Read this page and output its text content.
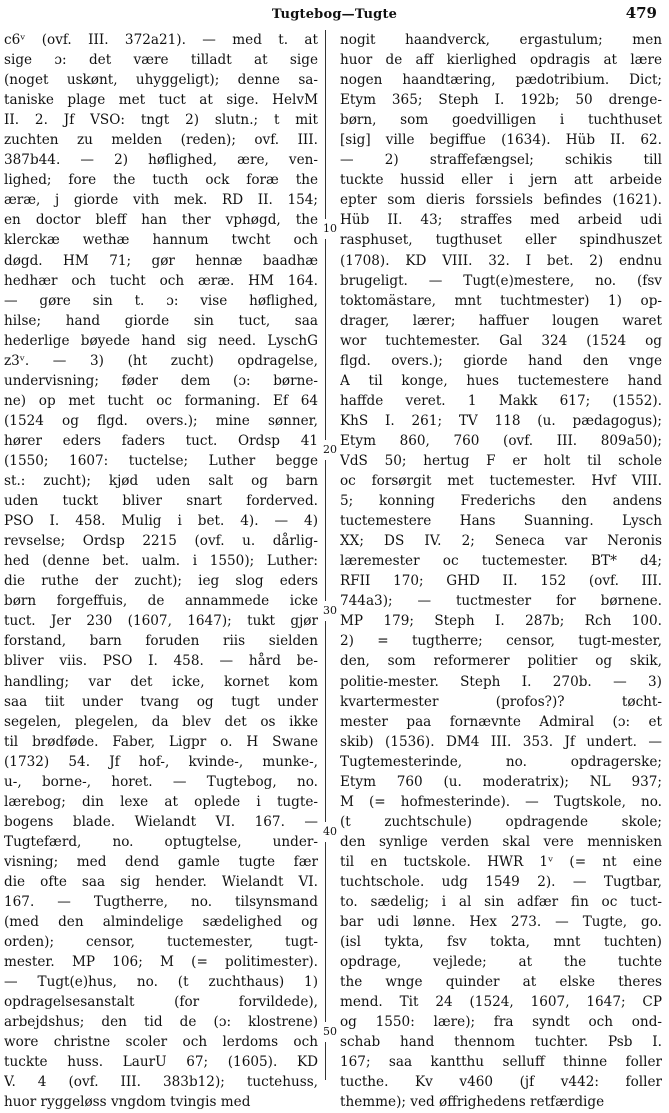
Tugtebog—Tugte	479
c6ᵛ (ovf. III. 372a21). — med t. at
sige ɔ: det være tilladt at sige
(noget uskønt, uhyggeligt); denne sa-
taniske plage met tuct at sige. HelvM
II. 2. Jf VSO: tngt 2) slutn.; t mit
zuchten zu melden (reden); ovf. III.
387b44. — 2) høflighed, ære, ven-
lighed; fore the tucth ock foræ the
æræ, j giorde vith mek. RD II. 154;
en doctor bleff han ther vphøgd, the
klerckæ wethæ hannum twcht och
døgd. HM 71; gør hennæ baadhæ
hedhær och tucht och æræ. HM 164.
— gøre sin t. ɔ: vise høflighed,
hilse; hand giorde sin tuct, saa
hederlige bøyede hand sig need. LyschG
z3ᵛ. — 3) (ht zucht) opdragelse,
undervisning; føder dem (ɔ: børne-
ne) op met tucht oc formaning. Ef 64
(1524 og flgd. overs.); mine sønner,
hører eders faders tuct. Ordsp 41
(1550; 1607: tuctelse; Luther begge
st.: zucht); kjød uden salt og barn
uden tuckt bliver snart forderved.
PSO I. 458. Mulig i bet. 4). — 4)
revselse; Ordsp 2215 (ovf. u. dårlig-
hed (denne bet. ualm. i 1550); Luther:
die ruthe der zucht); ieg slog eders
børn forgeffuis, de annammede icke
tuct. Jer 230 (1607, 1647); tukt gjør
forstand, barn foruden riis sielden
bliver viis. PSO I. 458. — hård be-
handling; var det icke, kornet kom
saa tiit under tvang og tugt under
segelen, plegelen, da blev det os ikke
til brødføde. Faber, Ligpr o. H Swane
(1732) 54. Jf hof-, kvinde-, munke-,
u-, borne-, horet. — Tugtebog, no.
lærebog; din lexe at oplede i tugte-
bogens blade. Wielandt VI. 167. —
Tugtefærd, no. optugtelse, under-
visning; med dend gamle tugte fær
die ofte saa sig hender. Wielandt VI.
167. — Tugtherre, no. tilsynsmand
(med den almindelige sædelighed og
orden); censor, tuctemester, tugt-
mester. MP 106; M (= politimester).
— Tugt(e)hus, no. (t zuchthaus) 1)
opdragelsesanstalt (for forvildede),
arbejdshus; den tid de (ɔ: klostrene)
wore christne scoler och lerdoms och
tuckte huss. LaurU 67; (1605). KD
V. 4 (ovf. III. 383b12); tuctehuss,
huor ryggeløss vngdom tvingis med
nogit haandverck, ergastulum; men
huor de aff kierlighed opdragis at lære
nogen haandtæring, pædotribium. Dict;
Etym 365; Steph I. 192b; 50 drenge-
børn, som goedvilligen i tuchthuset
[sig] ville begiffue (1634). Hüb II. 62.
— 2) straffefængsel; schikis till
tuckte hussid eller i jern att arbeide
epter som dieris forssiels befindes (1621).
Hüb II. 43; straffes med arbeid udi
rasphuset, tugthuset eller spindhuszet
(1708). KD VIII. 32. I bet. 2) endnu
brugeligt. — Tugt(e)mestere, no. (fsv
toktomästare, mnt tuchtmester) 1) op-
drager, lærer; haffuer lougen waret
wor tuchtemester. Gal 324 (1524 og
flgd. overs.); giorde hand den vnge
A til konge, hues tuctemestere hand
haffde veret. 1 Makk 617; (1552).
KhS I. 261; TV 118 (u. pædagogus);
Etym 860, 760 (ovf. III. 809a50);
VdS 50; hertug F er holt til schole
oc forsørgit met tuctemester. Hvf VIII.
5; konning Frederichs den andens
tuctemestere Hans Suanning. Lysch
XX; DS IV. 2; Seneca var Neronis
læremester oc tuctemester. BT* d4;
RFII 170; GHD II. 152 (ovf. III.
744a3); — tuctmester for børnene.
MP 179; Steph I. 287b; Rch 100.
2) = tugtherre; censor, tugt-mester,
den, som reformerer politier og skik,
politie-mester. Steph I. 270b. — 3)
kvartermester (profos?)? tøcht-
mester paa fornævnte Admiral (ɔ: et
skib) (1536). DM4 III. 353. Jf undert. —
Tugtemesterinde, no. opdragerske;
Etym 760 (u. moderatrix); NL 937;
M (= hofmesterinde). — Tugtskole, no.
(t zuchtschule) opdragende skole;
den synlige verden skal vere mennisken
til en tuctskole. HWR 1ᵛ (= nt eine
tuchtschole. udg 1549 2). — Tugtbar,
to. sædelig; i al sin adfær fin oc tuct-
bar udi lønne. Hex 273. — Tugte, go.
(isl tykta, fsv tokta, mnt tuchten)
opdrage, vejlede; at the tuchte
the wnge quinder at elske theres
mend. Tit 24 (1524, 1607, 1647; CP
og 1550: lære); fra syndt och ond-
schab hand thennom tuchter. Psb I.
167; saa kantthu selluff thinne foller
tucthe. Kv v460 (jf v442: foller
themme); ved øffrighedens retfærdige
10
20
30
40
50
